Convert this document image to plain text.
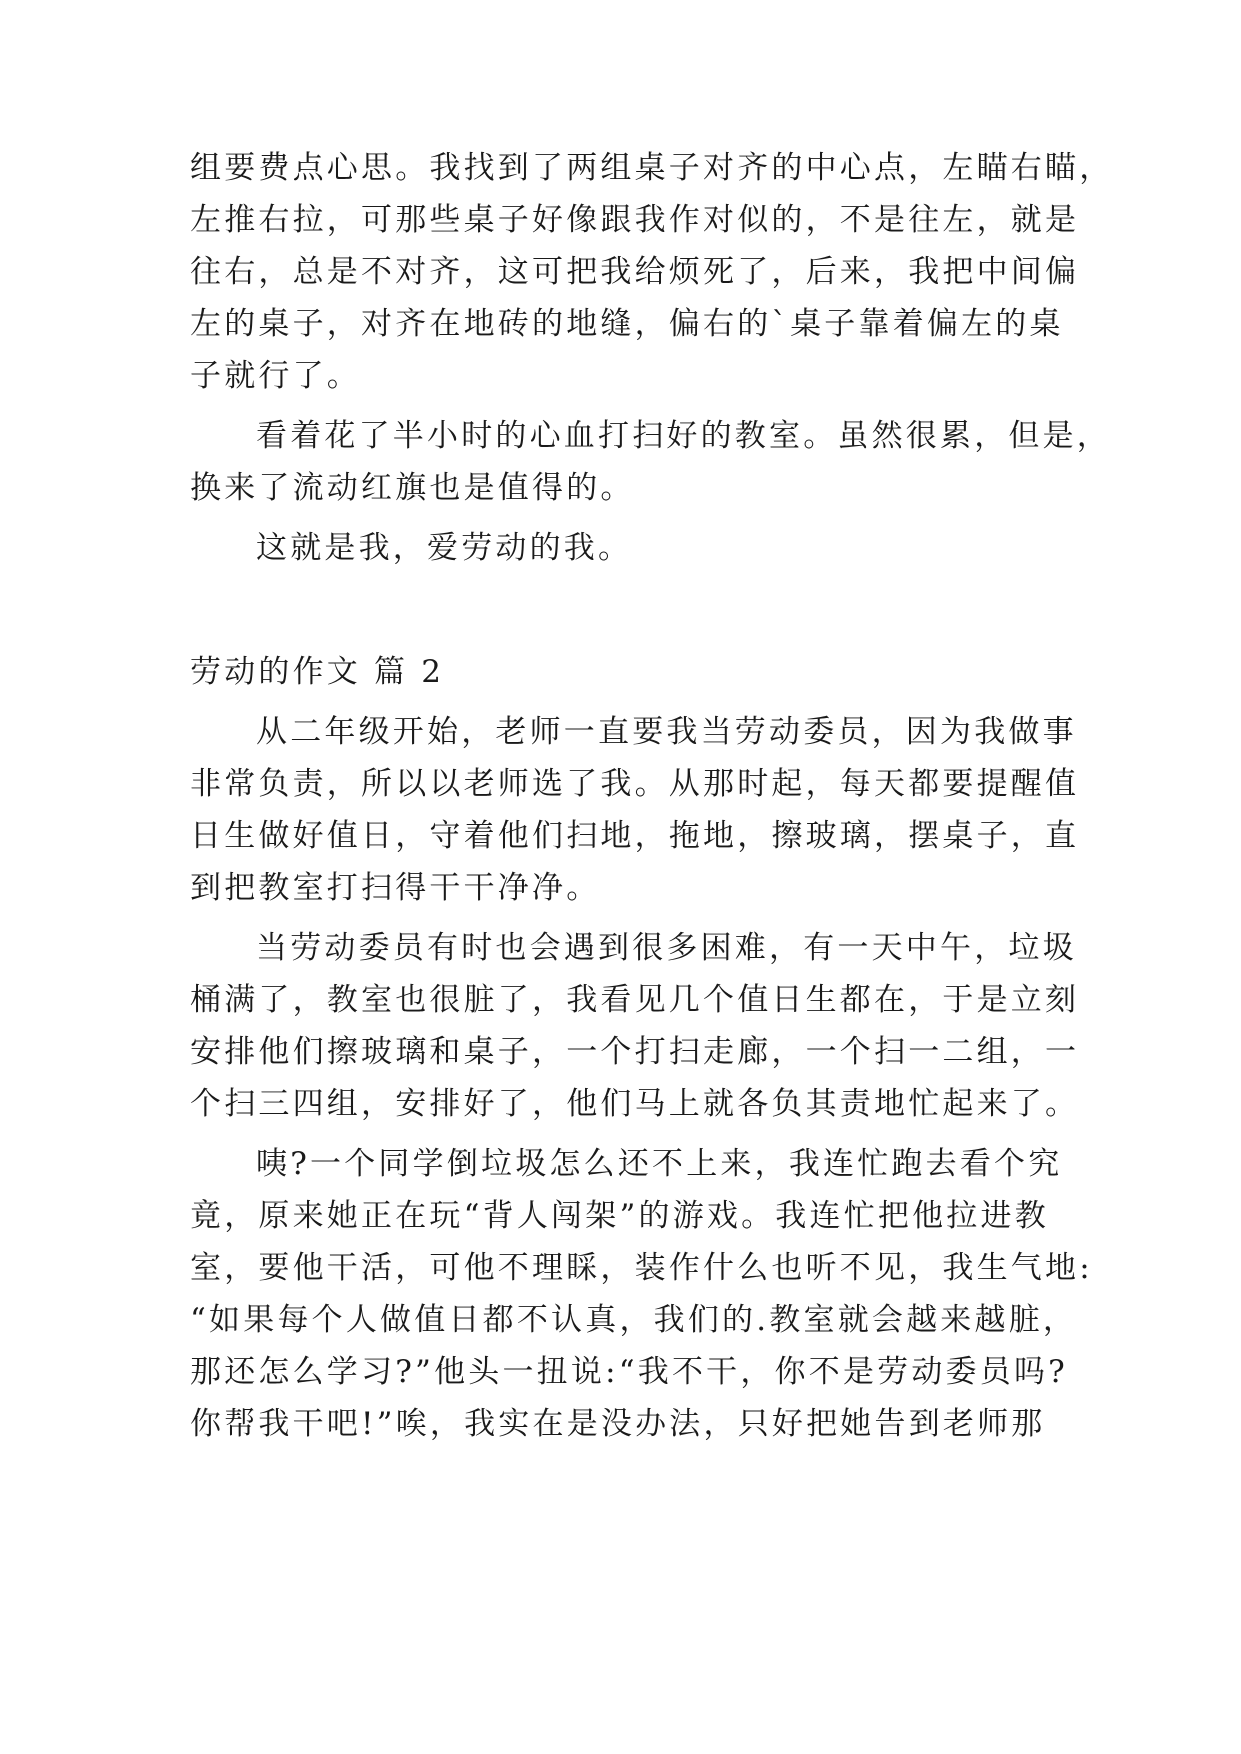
组要费点心思。我找到了两组桌子对齐的中心点，左瞄右瞄，
左推右拉，可那些桌子好像跟我作对似的，不是往左，就是
往右，总是不对齐，这可把我给烦死了，后来，我把中间偏
左的桌子，对齐在地砖的地缝，偏右的`桌子靠着偏左的桌
子就行了。
看着花了半小时的心血打扫好的教室。虽然很累，但是，
换来了流动红旗也是值得的。
这就是我，爱劳动的我。
劳动的作文 篇 2
从二年级开始，老师一直要我当劳动委员，因为我做事
非常负责，所以以老师选了我。从那时起，每天都要提醒值
日生做好值日，守着他们扫地，拖地，擦玻璃，摆桌子，直
到把教室打扫得干干净净。
当劳动委员有时也会遇到很多困难，有一天中午，垃圾
桶满了，教室也很脏了，我看见几个值日生都在，于是立刻
安排他们擦玻璃和桌子，一个打扫走廊，一个扫一二组，一
个扫三四组，安排好了，他们马上就各负其责地忙起来了。
咦?一个同学倒垃圾怎么还不上来，我连忙跑去看个究
竟，原来她正在玩“背人闯架”的游戏。我连忙把他拉进教
室，要他干活，可他不理睬，装作什么也听不见，我生气地:
“如果每个人做值日都不认真，我们的.教室就会越来越脏，
那还怎么学习?”他头一扭说:“我不干，你不是劳动委员吗?
你帮我干吧!”唉，我实在是没办法，只好把她告到老师那
